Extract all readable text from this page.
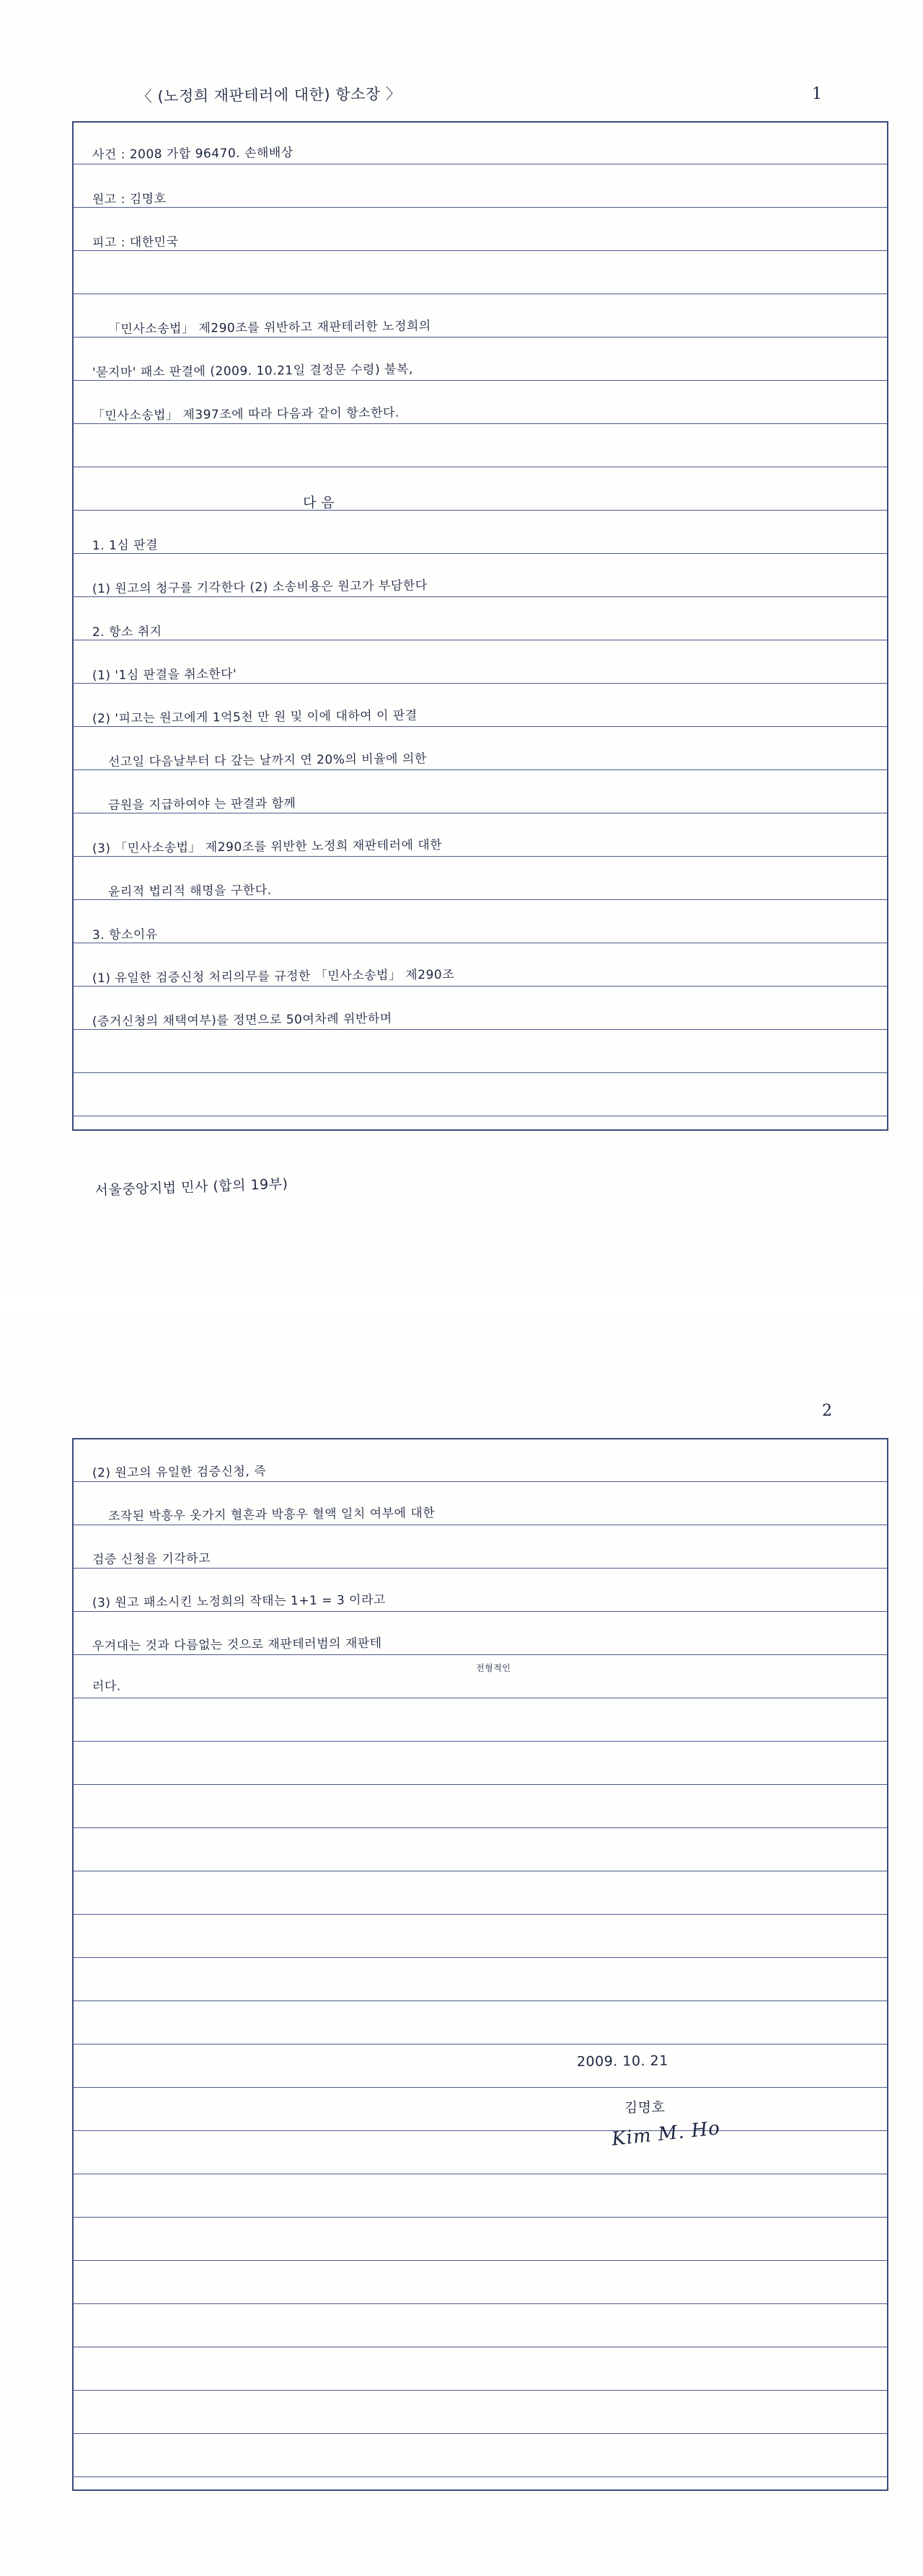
1
〈 (노정희 재판테러에 대한) 항소장 〉
사건 : 2008 가합 96470. 손해배상
원고 : 김명호
피고 : 대한민국
「민사소송법」 제290조를 위반하고 재판테러한 노정희의
'묻지마' 패소 판결에 (2009. 10.21일 결정문 수령) 불복,
「민사소송법」 제397조에 따라 다음과 같이 항소한다.
다 음
1. 1심 판결
(1) 원고의 청구를 기각한다 (2) 소송비용은 원고가 부담한다
2. 항소 취지
(1) '1심 판결을 취소한다'
(2) '피고는 원고에게 1억5천 만 원 및 이에 대하여 이 판결
선고일 다음날부터 다 갚는 날까지 연 20%의 비율에 의한
금원을 지급하여야 는 판결과 함께
(3) 「민사소송법」 제290조를 위반한 노정희 재판테러에 대한
윤리적 법리적 해명을 구한다.
3. 항소이유
(1) 유일한 검증신청 처리의무를 규정한 「민사소송법」 제290조
(증거신청의 채택여부)를 정면으로 50여차례 위반하며
서울중앙지법 민사 (합의 19부)
2
(2) 원고의 유일한 검증신청, 즉
조작된 박흥우 옷가지 혈흔과 박흥우 혈액 일치 여부에 대한
검증 신청을 기각하고
(3) 원고 패소시킨 노정희의 작태는 1+1 = 3 이라고
우겨대는 것과 다름없는 것으로 재판테러범의 재판테
러다.
전형적인
2009. 10. 21
김명호
Kim M. Ho
